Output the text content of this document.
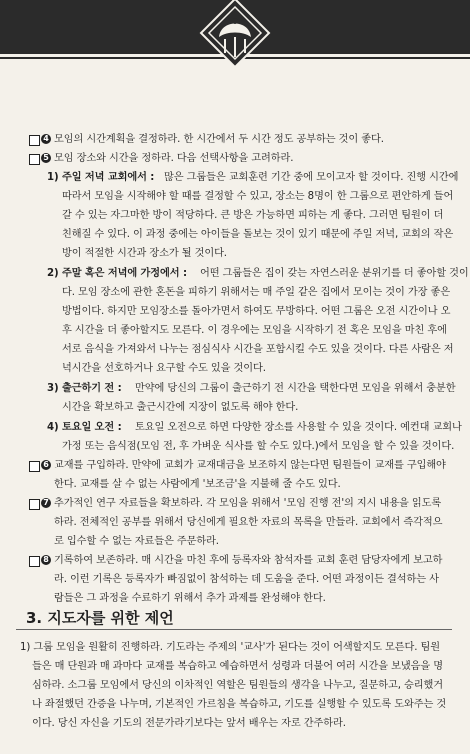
4 모임의 시간계획을 결정하라. 한 시간에서 두 시간 정도 공부하는 것이 좋다.
5 모임 장소와 시간을 정하라. 다음 선택사항을 고려하라.
1) 주일 저녁 교회에서 : 많은 그룹들은 교회훈련 기간 중에 모이고자 할 것이다. 진행 시간에
따라서 모임을 시작해야 할 때를 결정할 수 있고, 장소는 8명이 한 그룹으로 편안하게 들어
갈 수 있는 자그마한 방이 적당하다. 큰 방은 가능하면 피하는 게 좋다. 그러면 팀원이 더
친해질 수 있다. 이 과정 중에는 아이들을 돌보는 것이 있기 때문에 주일 저녁, 교회의 작은
방이 적절한 시간과 장소가 될 것이다.
2) 주말 혹은 저녁에 가정에서 : 어떤 그룹들은 집이 갖는 자연스러운 분위기를 더 좋아할 것이
다. 모임 장소에 관한 혼돈을 피하기 위해서는 매 주일 같은 집에서 모이는 것이 가장 좋은
방법이다. 하지만 모임장소를 돌아가면서 하여도 무방하다. 어떤 그룹은 오전 시간이나 오
후 시간을 더 좋아할지도 모른다. 이 경우에는 모임을 시작하기 전 혹은 모임을 마친 후에
서로 음식을 가져와서 나누는 점심식사 시간을 포함시킬 수도 있을 것이다. 다른 사람은 저
녁시간을 선호하거나 요구할 수도 있을 것이다.
3) 출근하기 전 : 만약에 당신의 그룹이 출근하기 전 시간을 택한다면 모임을 위해서 충분한
시간을 확보하고 출근시간에 지장이 없도록 해야 한다.
4) 토요일 오전 : 토요일 오전으로 하면 다양한 장소를 사용할 수 있을 것이다. 예컨대 교회나
가정 또는 음식점(모임 전, 후 가벼운 식사를 할 수도 있다.)에서 모임을 할 수 있을 것이다.
6 교재를 구입하라. 만약에 교회가 교재대금을 보조하지 않는다면 팀원들이 교재를 구입해야
한다. 교재를 살 수 없는 사람에게 '보조금'을 지불해 줄 수도 있다.
7 추가적인 연구 자료들을 확보하라. 각 모임을 위해서 '모임 진행 전'의 지시 내용을 읽도록
하라. 전체적인 공부를 위해서 당신에게 필요한 자료의 목록을 만들라. 교회에서 즉각적으
로 입수할 수 없는 자료들은 주문하라.
8 기록하여 보존하라. 매 시간을 마친 후에 등록자와 참석자를 교회 훈련 담당자에게 보고하
라. 이런 기록은 등록자가 빠짐없이 참석하는 데 도움을 준다. 어떤 과정이든 결석하는 사
람들은 그 과정을 수료하기 위해서 추가 과제를 완성해야 한다.
3. 지도자를 위한 제언
1) 그룹 모임을 원활히 진행하라. 기도라는 주제의 '교사'가 된다는 것이 어색할지도 모른다. 팀원
들은 매 단원과 매 과마다 교재를 복습하고 예습하면서 성령과 더불어 여러 시간을 보냈음을 명
심하라. 소그룹 모임에서 당신의 이차적인 역할은 팀원들의 생각을 나누고, 질문하고, 승리했거
나 좌절했던 간증을 나누며, 기본적인 가르침을 복습하고, 기도를 실행할 수 있도록 도와주는 것
이다. 당신 자신을 기도의 전문가라기보다는 앞서 배우는 자로 간주하라.
